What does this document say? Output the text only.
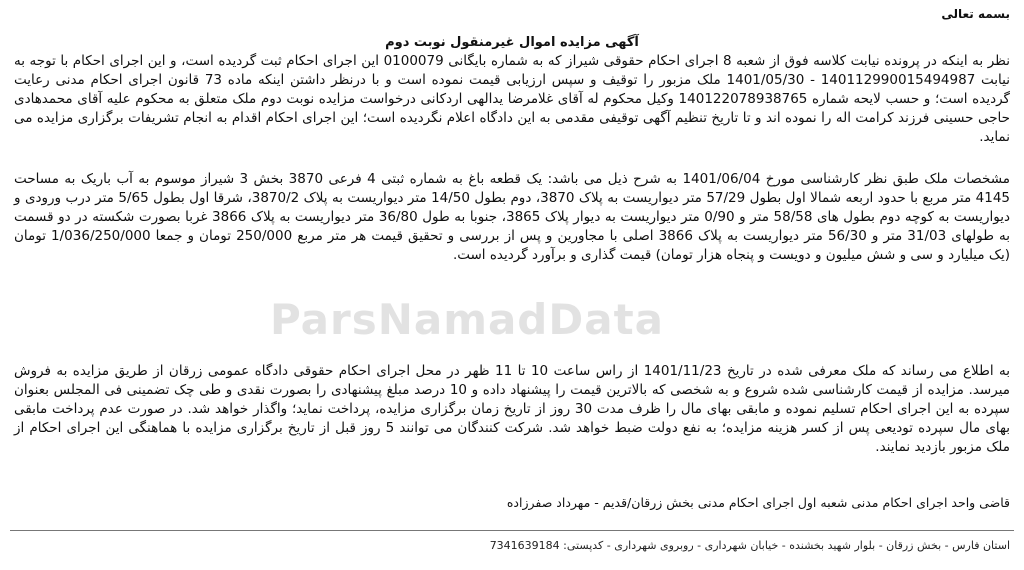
بسمه تعالی
آگهی مزایده اموال غیرمنقول نوبت دوم
نظر به اینکه در پرونده نیابت کلاسه فوق از شعبه 8 اجرای احکام حقوقی شیراز که به شماره بایگانی 0100079 این اجرای احکام ثبت گردیده است، و این اجرای احکام با توجه به نیابت 140112990015494987 - 1401/05/30 ملک مزبور را توقیف و سپس ارزیابی قیمت نموده است و با درنظر داشتن اینکه ماده 73 قانون اجرای احکام مدنی رعایت گردیده است؛ و حسب لایحه شماره 140122078938765 وکیل محکوم له آقای غلامرضا یدالهی اردکانی درخواست مزایده نوبت دوم ملک متعلق به محکوم علیه آقای محمدهادی حاجی حسینی فرزند کرامت اله را نموده اند و تا تاریخ تنظیم آگهی توقیفی مقدمی به این دادگاه اعلام نگردیده است؛ این اجرای احکام اقدام به انجام تشریفات برگزاری مزایده می نماید.
مشخصات ملک طبق نظر کارشناسی مورخ 1401/06/04 به شرح ذیل می باشد: یک قطعه باغ به شماره ثبتی 4 فرعی 3870 بخش 3 شیراز موسوم به آب باریک به مساحت 4145 متر مربع با حدود اربعه شمالا اول بطول 57/29 متر دیواریست به پلاک 3870، دوم بطول 14/50 متر دیواریست به پلاک 3870/2، شرقا اول بطول 5/65 متر درب ورودی و دیواریست به کوچه دوم بطول های 58/58 متر و 0/90 متر دیواریست به دیوار پلاک 3865، جنوبا به طول 36/80 متر دیواریست به پلاک 3866 غربا بصورت شکسته در دو قسمت به طولهای 31/03 متر و 56/30 متر دیواریست به پلاک 3866 اصلی با مجاورین و پس از بررسی و تحقیق قیمت هر متر مربع 250/000 تومان و جمعا 1/036/250/000 تومان (یک میلیارد و سی و شش میلیون و دویست و پنجاه هزار تومان) قیمت گذاری و برآورد گردیده است.
به اطلاع می رساند که ملک معرفی شده در تاریخ 1401/11/23 از راس ساعت 10 تا 11 ظهر در محل اجرای احکام حقوقی دادگاه عمومی زرقان از طریق مزایده به فروش میرسد. مزایده از قیمت کارشناسی شده شروع و به شخصی که بالاترین قیمت را پیشنهاد داده و 10 درصد مبلغ پیشنهادی را بصورت نقدی و طی چک تضمینی فی المجلس بعنوان سپرده به این اجرای احکام تسلیم نموده و مابقی بهای مال را ظرف مدت 30 روز از تاریخ زمان برگزاری مزایده، پرداخت نماید؛ واگذار خواهد شد. در صورت عدم پرداخت مابقی بهای مال سپرده تودیعی پس از کسر هزینه مزایده؛ به نفع دولت ضبط خواهد شد. شرکت کنندگان می توانند 5 روز قبل از تاریخ برگزاری مزایده با هماهنگی این اجرای احکام از ملک مزبور بازدید نمایند.
قاضی واحد اجرای احکام مدنی شعبه اول اجرای احکام مدنی بخش زرقان/قدیم - مهرداد صفرزاده
استان فارس - بخش زرقان - بلوار شهید بخشنده - خیابان شهرداری - روبروی شهرداری - کدپستی: 7341639184
ParsNamadData
